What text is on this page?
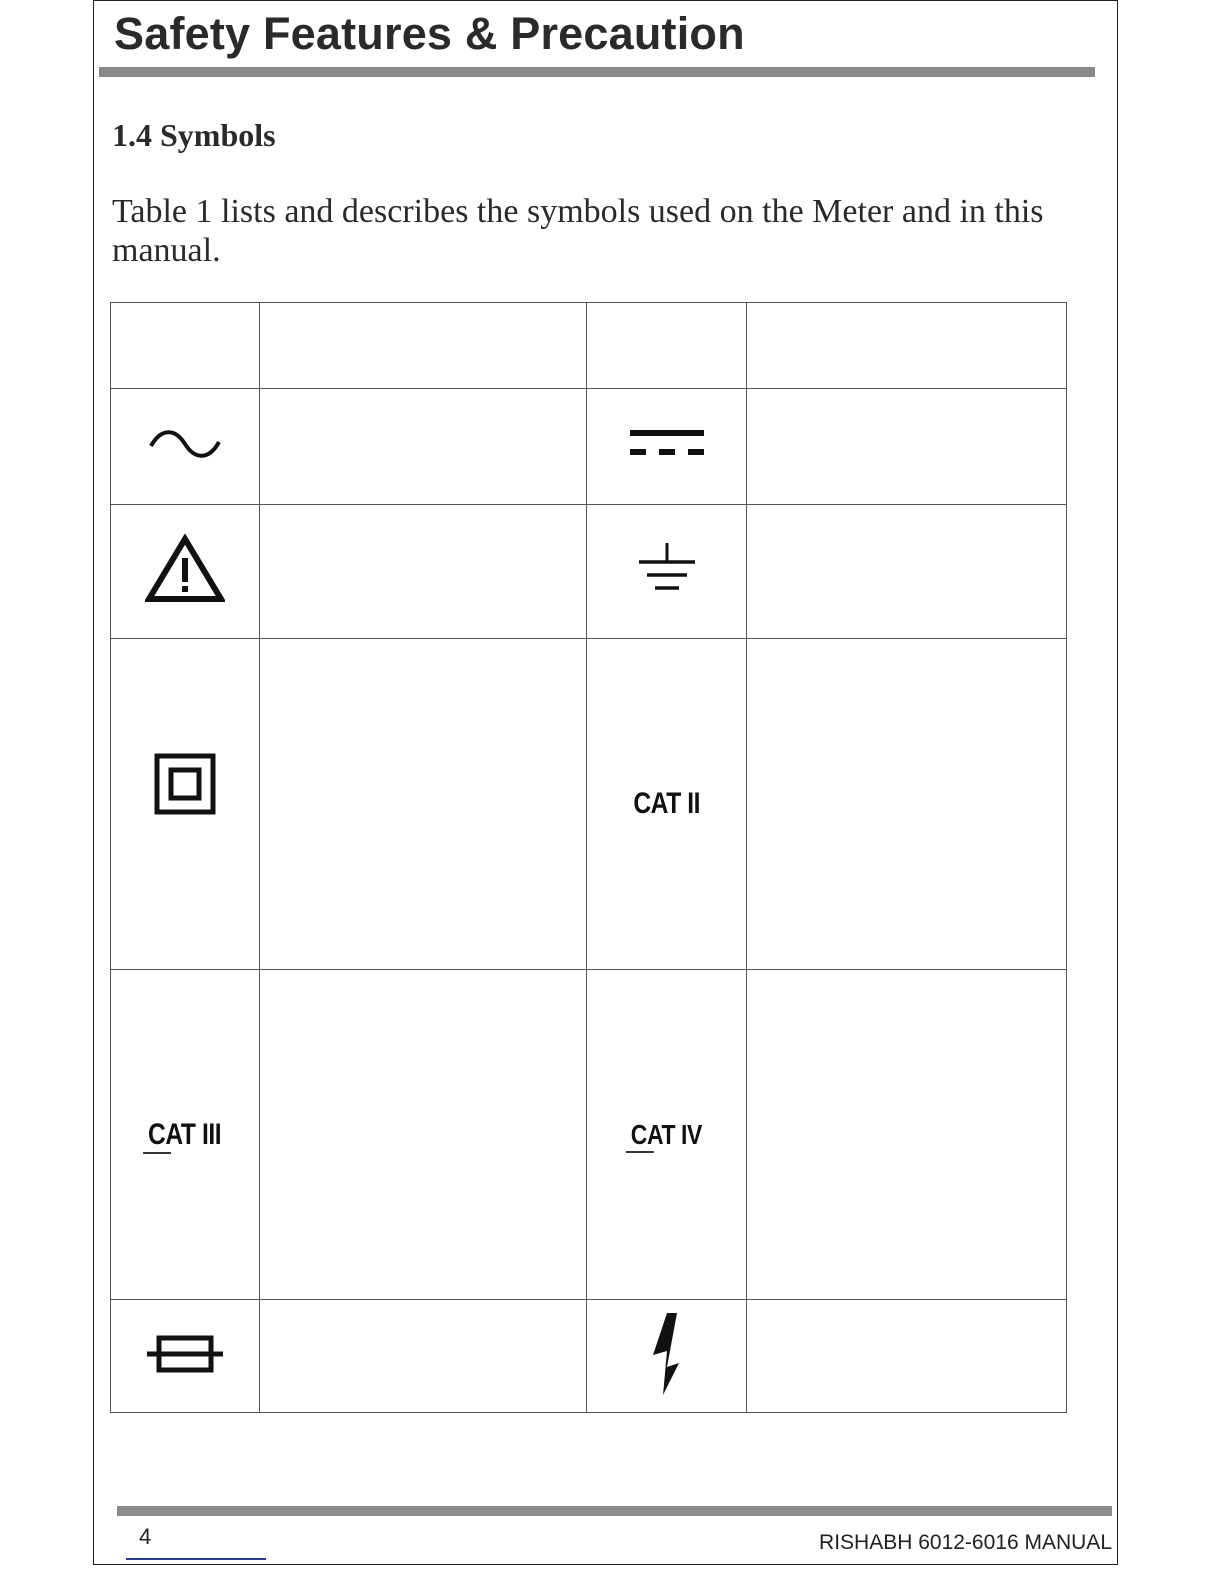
Safety Features & Precaution
1.4 Symbols
Table 1 lists and describes the symbols used on the Meter and in this manual.

		CAT II	
CAT III		CAT IV

4	RISHABH 6012-6016 MANUAL
